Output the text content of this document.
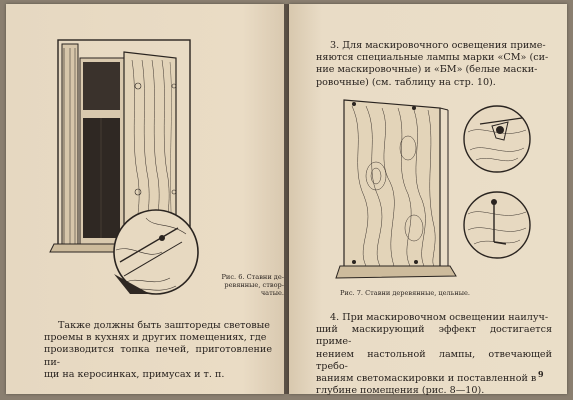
Рис. 6. Ставни де-
ревянные, створ-
чатые.
Также должны быть заштореды световые
проемы в кухнях и других помещениях, где
производится топка печей, приготовление пи-
щи на керосинках, примусах и т. п.
3. Для маскировочного освещения приме-
няются специальные лампы марки «СМ» (си-
ние маскировочные) и «БМ» (белые маски-
ровочные) (см. таблицу на стр. 10).
Рис. 7. Ставни деревянные, цельные.
4. При маскировочном освещении наилуч-
ший маскирующий эффект достигается приме-
нением настольной лампы, отвечающей требо-
ваниям светомаскировки и поставленной в
глубине помещения (рис. 8—10).
9
